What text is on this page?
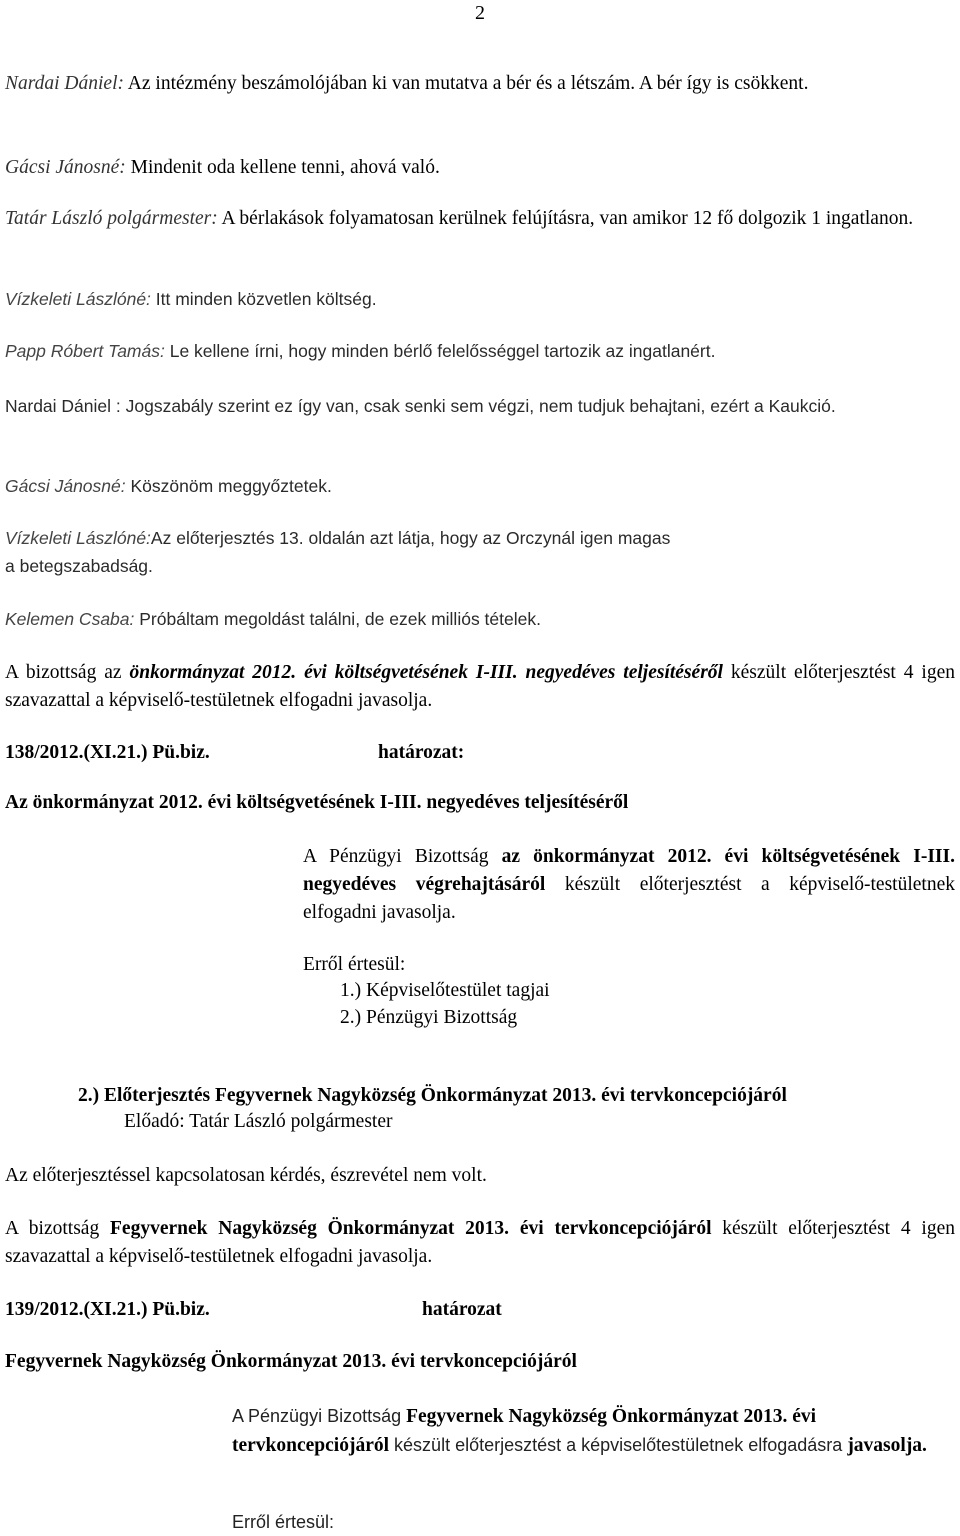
2

Nardai Dániel: Az intézmény beszámolójában ki van mutatva a bér és a létszám. A bér így is csökkent.

Gácsi Jánosné: Mindenit oda kellene tenni, ahová való.

Tatár László polgármester: A bérlakások folyamatosan kerülnek felújításra, van amikor 12 fő dolgozik 1 ingatlanon.

Vízkeleti Lászlóné: Itt minden közvetlen költség.

Papp Róbert Tamás: Le kellene írni, hogy minden bérlő felelősséggel tartozik az ingatlanért.

Nardai Dániel : Jogszabály szerint ez így van, csak senki sem végzi, nem tudjuk behajtani, ezért a Kaukció.

Gácsi Jánosné: Köszönöm meggyőztetek.

Vízkeleti Lászlóné:Az előterjesztés 13. oldalán azt látja, hogy az Orczynál igen magas
a betegszabadság.

Kelemen Csaba: Próbáltam megoldást találni, de ezek milliós tételek.

A bizottság az önkormányzat 2012. évi költségvetésének I-III. negyedéves teljesítéséről készült előterjesztést 4 igen szavazattal a képviselő-testületnek elfogadni javasolja.

138/2012.(XI.21.) Pü.biz.	határozat:

Az önkormányzat 2012. évi költségvetésének I-III. negyedéves teljesítéséről

A Pénzügyi Bizottság az önkormányzat 2012. évi költségvetésének I-III. negyedéves végrehajtásáról készült előterjesztést a képviselő-testületnek elfogadni javasolja.

Erről értesül:

1.) Képviselőtestület tagjai

2.) Pénzügyi Bizottság

2.) Előterjesztés Fegyvernek Nagyközség Önkormányzat 2013. évi tervkoncepciójáról

Előadó: Tatár László polgármester

Az előterjesztéssel kapcsolatosan kérdés, észrevétel nem volt.

A bizottság Fegyvernek Nagyközség Önkormányzat 2013. évi tervkoncepciójáról készült előterjesztést 4 igen szavazattal a képviselő-testületnek elfogadni javasolja.

139/2012.(XI.21.) Pü.biz.	határozat

Fegyvernek Nagyközség Önkormányzat 2013. évi tervkoncepciójáról

A Pénzügyi Bizottság Fegyvernek Nagyközség Önkormányzat 2013. évi tervkoncepciójáról készült előterjesztést a képviselőtestületnek elfogadásra javasolja.

Erről értesül:
